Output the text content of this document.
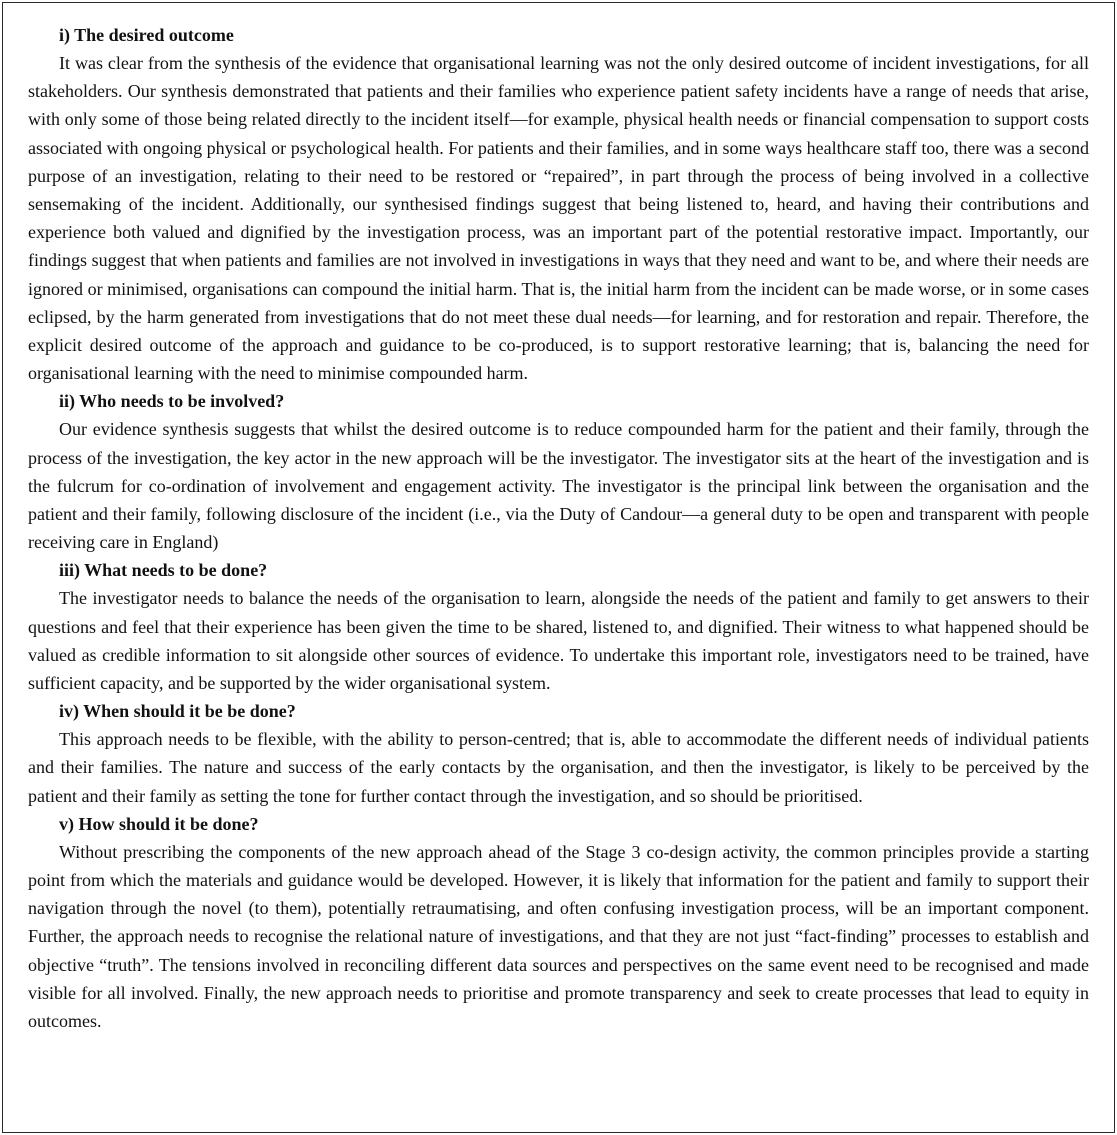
i) The desired outcome

It was clear from the synthesis of the evidence that organisational learning was not the only desired outcome of incident investigations, for all stakeholders. Our synthesis demonstrated that patients and their families who experience patient safety incidents have a range of needs that arise, with only some of those being related directly to the incident itself—for example, physical health needs or financial compensation to support costs associated with ongoing physical or psychological health. For patients and their families, and in some ways healthcare staff too, there was a second purpose of an investigation, relating to their need to be restored or “repaired”, in part through the process of being involved in a collective sensemaking of the incident. Additionally, our synthesised findings suggest that being listened to, heard, and having their contributions and experience both valued and dignified by the investigation process, was an important part of the potential restorative impact. Importantly, our findings suggest that when patients and families are not involved in investigations in ways that they need and want to be, and where their needs are ignored or minimised, organisations can compound the initial harm. That is, the initial harm from the incident can be made worse, or in some cases eclipsed, by the harm generated from investigations that do not meet these dual needs—for learning, and for restoration and repair. Therefore, the explicit desired outcome of the approach and guidance to be co-produced, is to support restorative learning; that is, balancing the need for organisational learning with the need to minimise compounded harm.

ii) Who needs to be involved?

Our evidence synthesis suggests that whilst the desired outcome is to reduce compounded harm for the patient and their family, through the process of the investigation, the key actor in the new approach will be the investigator. The investigator sits at the heart of the investigation and is the fulcrum for co-ordination of involvement and engagement activity. The investigator is the principal link between the organisation and the patient and their family, following disclosure of the incident (i.e., via the Duty of Candour—a general duty to be open and transparent with people receiving care in England)

iii) What needs to be done?

The investigator needs to balance the needs of the organisation to learn, alongside the needs of the patient and family to get answers to their questions and feel that their experience has been given the time to be shared, listened to, and dignified. Their witness to what happened should be valued as credible information to sit alongside other sources of evidence. To undertake this important role, investigators need to be trained, have sufficient capacity, and be supported by the wider organisational system.

iv) When should it be be done?

This approach needs to be flexible, with the ability to person-centred; that is, able to accommodate the different needs of individual patients and their families. The nature and success of the early contacts by the organisation, and then the investigator, is likely to be perceived by the patient and their family as setting the tone for further contact through the investigation, and so should be prioritised.

v) How should it be done?

Without prescribing the components of the new approach ahead of the Stage 3 co-design activity, the common principles provide a starting point from which the materials and guidance would be developed. However, it is likely that information for the patient and family to support their navigation through the novel (to them), potentially retraumatising, and often confusing investigation process, will be an important component. Further, the approach needs to recognise the relational nature of investigations, and that they are not just “fact-finding” processes to establish and objective “truth”. The tensions involved in reconciling different data sources and perspectives on the same event need to be recognised and made visible for all involved. Finally, the new approach needs to prioritise and promote transparency and seek to create processes that lead to equity in outcomes.
